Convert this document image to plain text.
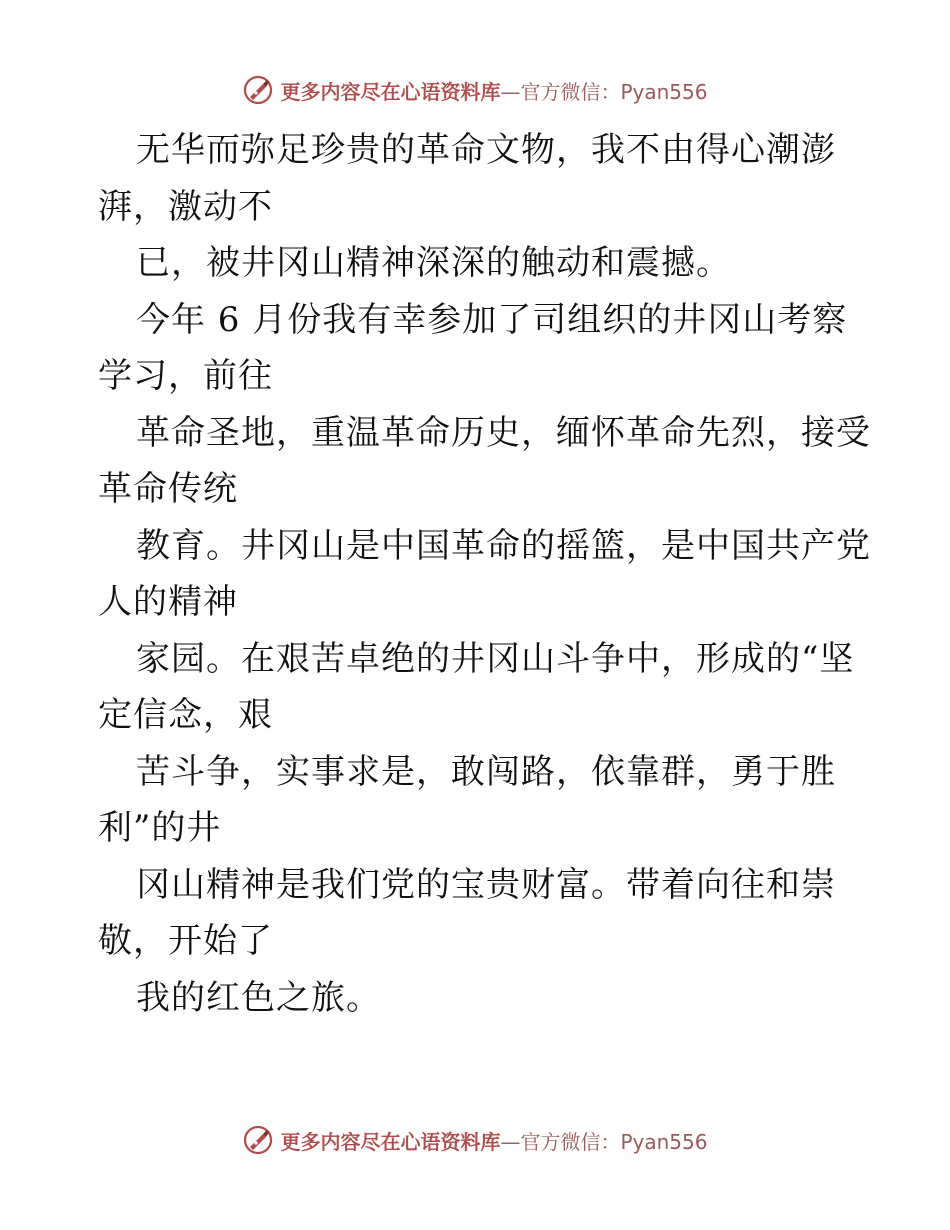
更多内容尽在心语资料库—官方微信：Pyan556
无华而弥足珍贵的革命文物，我不由得心潮澎
湃，激动不
已，被井冈山精神深深的触动和震撼。
今年 6 月份我有幸参加了司组织的井冈山考察
学习，前往
革命圣地，重温革命历史，缅怀革命先烈，接受
革命传统
教育。井冈山是中国革命的摇篮，是中国共产党
人的精神
家园。在艰苦卓绝的井冈山斗争中，形成的“坚
定信念，艰
苦斗争，实事求是，敢闯路，依靠群，勇于胜
利”的井
冈山精神是我们党的宝贵财富。带着向往和崇
敬，开始了
我的红色之旅。
更多内容尽在心语资料库—官方微信：Pyan556
